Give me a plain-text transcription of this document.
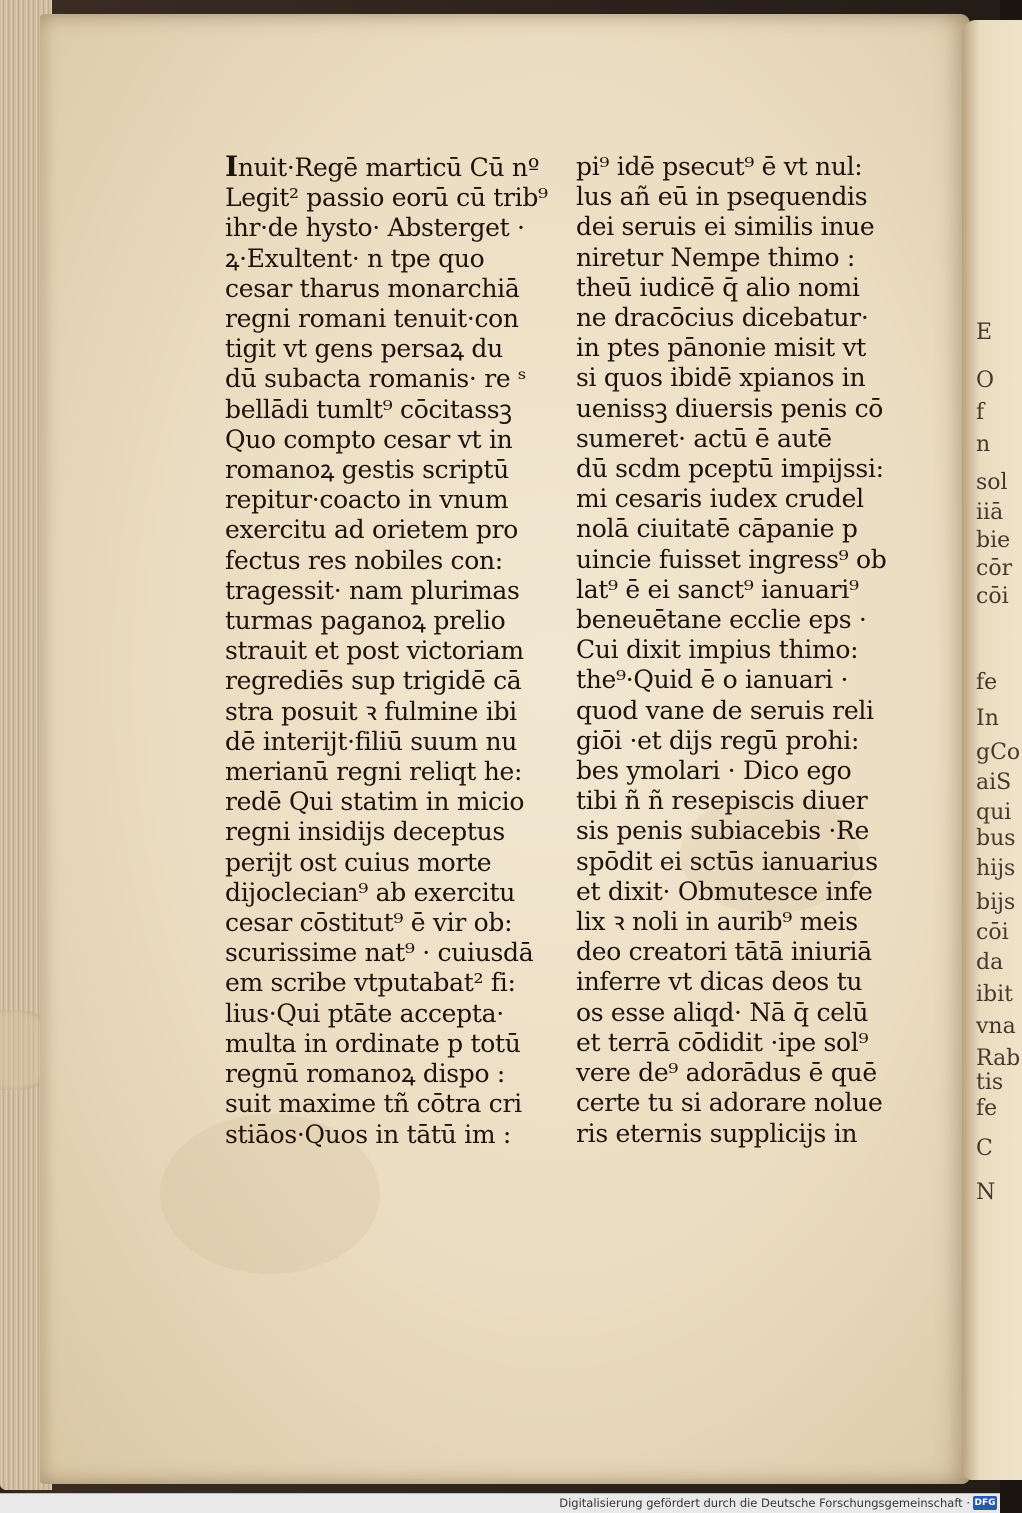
E
O
f
n
sol
iiā
bie
cōr
cōi
fe
In
gCo
aiS
qui
bus
hijs
bijs
cōi
da
ibit
vna
Rab
tis
fe
C
N
Inuit·Regē marticū Cū nº
Legit² passio eorū cū trib⁹
ihr·de hysto· Absterget ·
ꝝ·Exultent· n tpe quo
cesar tharus monarchiā
regni romani tenuit·con
tigit vt gens persaꝝ du
dū subacta romanis· re ˢ
bellādi tumlt⁹ cōcitassꝫ
Quo compto cesar vt in
romanoꝝ gestis scriptū
repitur·coacto in vnum
exercitu ad orietem pro
fectus res nobiles con:
tragessit· nam plurimas
turmas paganoꝝ prelio
strauit et post victoriam
regrediēs sup trigidē cā
stra posuit ꝛ fulmine ibi
dē interijt·filiū suum nu
merianū regni reliqt he:
redē Qui statim in micio
regni insidijs deceptus
perijt ost cuius morte
dijoclecian⁹ ab exercitu
cesar cōstitut⁹ ē vir ob:
scurissime nat⁹ · cuiusdā
em scribe vtputabat² fi:
lius·Qui ptāte accepta·
multa in ordinate p totū
regnū romanoꝝ dispo :
suit maxime tñ cōtra cri
stiāos·Quos in tātū im :
pi⁹ idē psecut⁹ ē vt nul:
lus añ eū in psequendis
dei seruis ei similis inue
niretur Nempe thimo :
theū iudicē q̄ alio nomi
ne dracōcius dicebatur·
in ptes pānonie misit vt
si quos ibidē xpianos in
uenissꝫ diuersis penis cō
sumeret· actū ē autē
dū scdm pceptū impijssi:
mi cesaris iudex crudel
nolā ciuitatē cāpanie p
uincie fuisset ingress⁹ ob
lat⁹ ē ei sanct⁹ ianuari⁹
beneuētane ecclie eps ·
Cui dixit impius thimo:
the⁹·Quid ē o ianuari ·
quod vane de seruis reli
giōi ·et dijs regū prohi:
bes ymolari · Dico ego
tibi ñ ñ resepiscis diuer
sis penis subiacebis ·Re
spōdit ei sctūs ianuarius
et dixit· Obmutesce infe
lix ꝛ noli in aurib⁹ meis
deo creatori tātā iniuriā
inferre vt dicas deos tu
os esse aliqd· Nā q̄ celū
et terrā cōdidit ·ipe sol⁹
vere de⁹ adorādus ē quē
certe tu si adorare nolue
ris eternis supplicijs in
Digitalisierung gefördert durch die Deutsche Forschungsgemeinschaft · DFG
